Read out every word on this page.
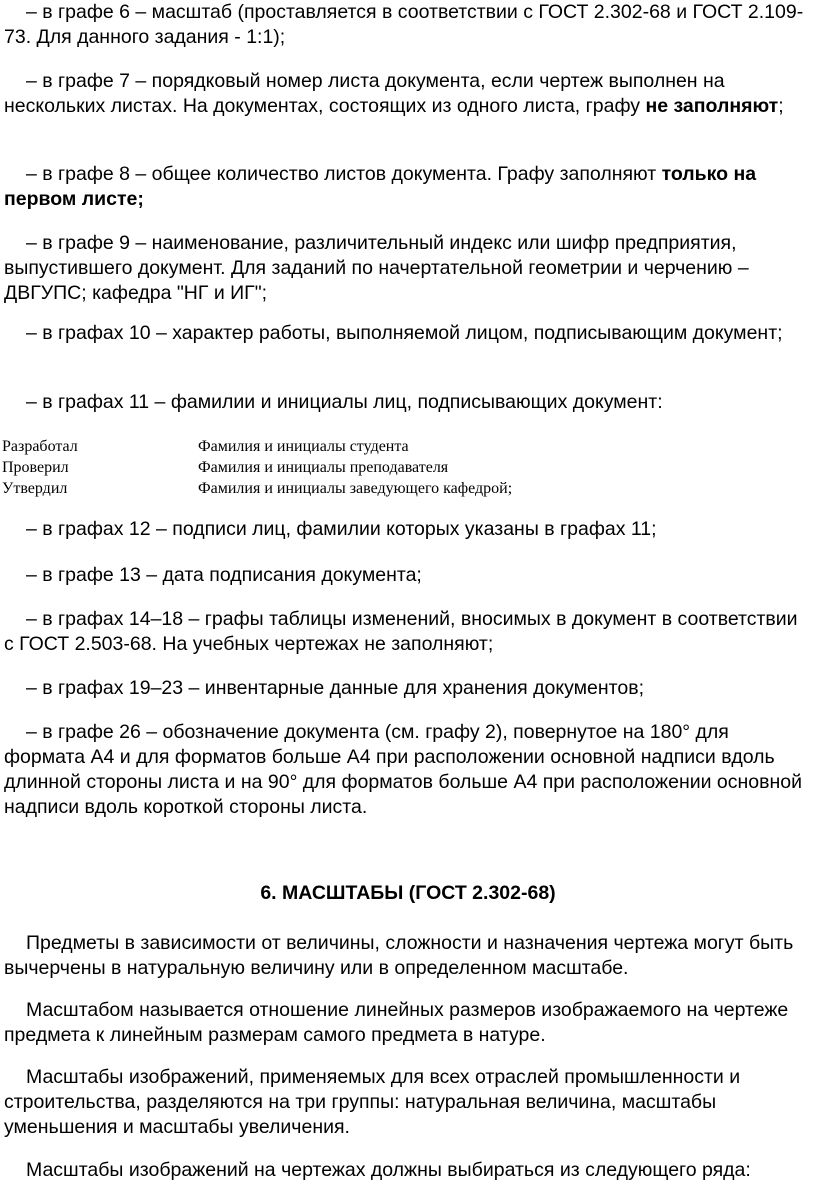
– в графе 6 – масштаб (проставляется в соответствии с ГОСТ 2.302-68 и ГОСТ 2.109-73. Для данного задания - 1:1);

– в графе 7 – порядковый номер листа документа, если чертеж выполнен на нескольких листах. На документах, состоящих из одного листа, графу не заполняют;

– в графе 8 – общее количество листов документа. Графу заполняют только на первом листе;

– в графе 9 – наименование, различительный индекс или шифр предприятия, выпустившего документ. Для заданий по начертательной геометрии и черчению – ДВГУПС; кафедра "НГ и ИГ";

– в графах 10 – характер работы, выполняемой лицом, подписывающим документ;

– в графах 11 – фамилии и инициалы лиц, подписывающих документ:

Разработал	Фамилия и инициалы студента
Проверил	Фамилия и инициалы преподавателя
Утвердил	Фамилия и инициалы заведующего кафедрой;

– в графах 12 – подписи лиц, фамилии которых указаны в графах 11;

– в графе 13 – дата подписания документа;

– в графах 14–18 – графы таблицы изменений, вносимых в документ в соответствии с ГОСТ 2.503-68. На учебных чертежах не заполняют;

– в графах 19–23 – инвентарные данные для хранения документов;

– в графе 26 – обозначение документа (см. графу 2), повернутое на 180° для формата А4 и для форматов больше А4 при расположении основной надписи вдоль длинной стороны листа и на 90° для форматов больше А4 при расположении основной надписи вдоль короткой стороны листа.

6. МАСШТАБЫ (ГОСТ 2.302-68)

Предметы в зависимости от величины, сложности и назначения чертежа могут быть вычерчены в натуральную величину или в определенном масштабе.

Масштабом называется отношение линейных размеров изображаемого на чертеже предмета к линейным размерам самого предмета в натуре.

Масштабы изображений, применяемых для всех отраслей промышленности и строительства, разделяются на три группы: натуральная величина, масштабы уменьшения и масштабы увеличения.

Масштабы изображений на чертежах должны выбираться из следующего ряда:
